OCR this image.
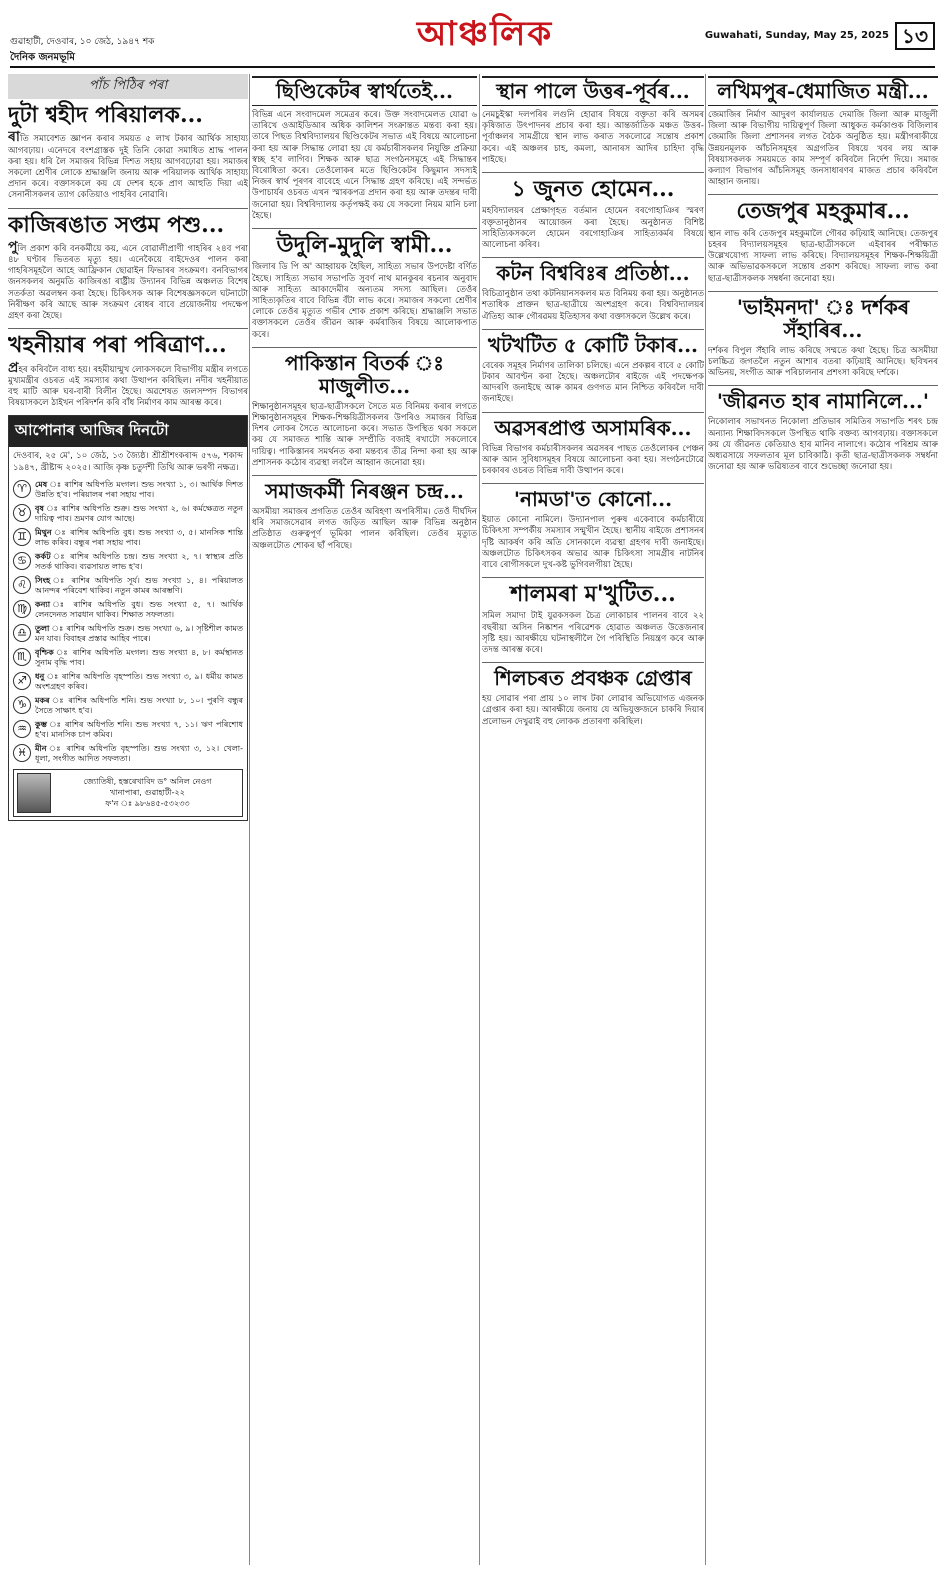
গুৱাহাটী, দেওবাৰ, ১০ জেঠ, ১৯৪৭ শক
দৈনিক জনমভূমি
আঞ্চলিক	Guwahati, Sunday, May 25, 2025 ১৩
পাঁচ পিঠিৰ পৰা
দুটা শ্বহীদ পৰিয়ালক...
ৰাতি সমাবেশত জ্ঞাপন কৰাৰ সময়ত ৫ লাখ টকাৰ আৰ্থিক সাহায্য আগবঢ়ায়। এনেদৰে বংশগ্ৰাস্তক দুই তিনি কোৱা সমাধিত শ্ৰাদ্ধ পালন কৰা হয়। ধৰি লৈ সমাজৰ বিভিন্ন দিশত সহায় আগবঢ়োৱা হয়। সমাজৰ সকলো শ্ৰেণীৰ লোকে শ্ৰদ্ধাঞ্জলি জনায় আৰু পৰিয়ালক আৰ্থিক সাহায্য প্ৰদান কৰে। বক্তাসকলে কয় যে দেশৰ হকে প্ৰাণ আহুতি দিয়া এই সেনানীসকলৰ ত্যাগ কেতিয়াও পাহৰিব নোৱাৰি।
কাজিৰঙাত সপ্তম পশু...
পুলি প্ৰকাশ কৰি বনকৰ্মীয়ে কয়, এনে বোৱালীপ্ৰাণী গাহৰিৰ ২৪ব পৰা ৪৮ ঘণ্টাৰ ভিতৰত মৃত্যু হয়। এনেকৈয়ে বাইদেওৰ পালন কৰা গাহৰিসমূহলৈ আহে আফ্ৰিকান ছোৱাইন ফিভাৰৰ সংক্ৰমণ। বনবিভাগৰ জনসকলৰ অনুমতি কাজিৰঙা ৰাষ্ট্ৰীয় উদ্যানৰ বিভিন্ন অঞ্চলত বিশেষ সতৰ্কতা অৱলম্বন কৰা হৈছে। চিকিৎসক আৰু বিশেষজ্ঞসকলে ঘটনাটো নিৰীক্ষণ কৰি আছে আৰু সংক্ৰমণ ৰোধৰ বাবে প্ৰয়োজনীয় পদক্ষেপ গ্ৰহণ কৰা হৈছে।
খহনীয়াৰ পৰা পৰিত্ৰাণ...
প্ৰহৰ কৰিবলৈ বাধ্য হয়। ৰহমীয়ান্মুখ লোকসকলে বিভাগীয় মন্ত্ৰীৰ লগতে মুখ্যমন্ত্ৰীৰ ওচৰত এই সমস্যাৰ কথা উত্থাপন কৰিছিল। নদীৰ খহনীয়াত বহু মাটি আৰু ঘৰ-বাৰী বিলীন হৈছে। অৱশেষত জলসম্পদ বিভাগৰ বিষয়াসকলে ঠাইখন পৰিদৰ্শন কৰি বাঁধ নিৰ্মাণৰ কাম আৰম্ভ কৰে।
আপোনাৰ আজিৰ দিনটো
দেওবাৰ, ২৫ মে', ১০ জেঠ, ১৩ জ্যৈষ্ঠ। শ্ৰীশ্ৰীশংকৰাব্দ ৫৭৬, শকাব্দ ১৯৪৭, খ্ৰীষ্টাব্দ ২০২৫। আজি কৃষ্ণ চতুৰ্দশী তিথি আৰু ভৰণী নক্ষত্ৰ।
♈	মেষ ঃ ৰাশিৰ অধিপতি মংগল। শুভ সংখ্যা ১, ৩। আৰ্থিক দিশত উন্নতি হ'ব। পৰিয়ালৰ পৰা সহায় পাব।
♉	বৃষ ঃ ৰাশিৰ অধিপতি শুক্ৰ। শুভ সংখ্যা ২, ৬। কৰ্মক্ষেত্ৰত নতুন দায়িত্ব পাব। ভ্ৰমণৰ যোগ আছে।
♊	মিথুন ঃ ৰাশিৰ অধিপতি বুধ। শুভ সংখ্যা ৩, ৫। মানসিক শান্তি লাভ কৰিব। বন্ধুৰ পৰা সহায় পাব।
♋	কৰ্কট ঃ ৰাশিৰ অধিপতি চন্দ্ৰ। শুভ সংখ্যা ২, ৭। স্বাস্থ্যৰ প্ৰতি সতৰ্ক থাকিব। ব্যৱসায়ত লাভ হ'ব।
♌	সিংহ ঃ ৰাশিৰ অধিপতি সূৰ্য। শুভ সংখ্যা ১, ৪। পৰিয়ালত আনন্দৰ পৰিবেশ থাকিব। নতুন কামৰ আৰম্ভণি।
♍	কন্যা ঃ ৰাশিৰ অধিপতি বুধ। শুভ সংখ্যা ৫, ৭। আৰ্থিক লেনদেনত সাৱধান থাকিব। শিক্ষাত সফলতা।
♎	তুলা ঃ ৰাশিৰ অধিপতি শুক্ৰ। শুভ সংখ্যা ৬, ৯। সৃষ্টিশীল কামত মন যাব। বিবাহৰ প্ৰস্তাৱ আহিব পাৰে।
♏	বৃশ্চিক ঃ ৰাশিৰ অধিপতি মংগল। শুভ সংখ্যা ৪, ৮। কৰ্মস্থানত সুনাম বৃদ্ধি পাব।
♐	ধনু ঃ ৰাশিৰ অধিপতি বৃহস্পতি। শুভ সংখ্যা ৩, ৯। ধৰ্মীয় কামত অংশগ্ৰহণ কৰিব।
♑	মকৰ ঃ ৰাশিৰ অধিপতি শনি। শুভ সংখ্যা ৮, ১০। পুৰণি বন্ধুৰ সৈতে সাক্ষাৎ হ'ব।
♒	কুম্ভ ঃ ৰাশিৰ অধিপতি শনি। শুভ সংখ্যা ৭, ১১। ঋণ পৰিশোধ হ'ব। মানসিক চাপ কমিব।
♓	মীন ঃ ৰাশিৰ অধিপতি বৃহস্পতি। শুভ সংখ্যা ৩, ১২। খেলা-ধূলা, সংগীত আদিত সফলতা।
জ্যোতিষী, হস্তৰেখাবিদ ড° অনিল নেওগ
খানাপাৰা, গুৱাহাটী-২২
ফ'ন ঃ ৯৮৬৪৫-৫৩২৩৩
ছিণ্ডিকেটৰ স্বাৰ্থতেই...
বিভিন্ন এনে সংবাদমেল সমেত্ৰৰ কৰে। উক্ত সংবাদমেলত যোৱা ৬ তাৰিখে ওআইডিআৰ অধিক কালিশন সংক্ৰান্তত মন্তব্য কৰা হয়। তাৰে পিছত বিশ্ববিদ্যালয়ৰ ছিণ্ডিকেটৰ সভাত এই বিষয়ে আলোচনা কৰা হয় আৰু সিদ্ধান্ত লোৱা হয় যে কৰ্মচাৰীসকলৰ নিযুক্তি প্ৰক্ৰিয়া স্বচ্ছ হ'ব লাগিব। শিক্ষক আৰু ছাত্ৰ সংগঠনসমূহে এই সিদ্ধান্তৰ বিৰোধিতা কৰে। তেওঁলোকৰ মতে ছিণ্ডিকেটৰ কিছুমান সদস্যই নিজৰ স্বাৰ্থ পূৰণৰ বাবেহে এনে সিদ্ধান্ত গ্ৰহণ কৰিছে। এই সন্দৰ্ভত উপাচাৰ্যৰ ওচৰত এখন স্মাৰকপত্ৰ প্ৰদান কৰা হয় আৰু তদন্তৰ দাবী জনোৱা হয়। বিশ্ববিদ্যালয় কৰ্তৃপক্ষই কয় যে সকলো নিয়ম মানি চলা হৈছে।
উদুলি-মুদুলি স্বামী...
জিলাৰ ডি পি অ' আহ্বায়ক হৈছিল, সাহিত্য সভাৰ উপদেষ্টা বৰ্ণিত হৈছে। সাহিত্য সভাৰ সভাপতি সুবৰ্ণ নাথ মানকুৰৰ ৰচনাৰ অনুবাদ আৰু সাহিত্য আকাদেমীৰ অন্যতম সদস্য আছিল। তেওঁৰ সাহিত্যকৃতিৰ বাবে বিভিন্ন বঁটা লাভ কৰে। সমাজৰ সকলো শ্ৰেণীৰ লোকে তেওঁৰ মৃত্যুত গভীৰ শোক প্ৰকাশ কৰিছে। শ্ৰদ্ধাঞ্জলি সভাত বক্তাসকলে তেওঁৰ জীৱন আৰু কৰ্মৰাজিৰ বিষয়ে আলোকপাত কৰে।
পাকিস্তান বিতৰ্ক ঃ মাজুলীত...
শিক্ষানুষ্ঠানসমূহৰ ছাত্ৰ-ছাত্ৰীসকলে সৈতে মত বিনিময় কৰাৰ লগতে শিক্ষানুষ্ঠানসমূহৰ শিক্ষক-শিক্ষয়িত্ৰীসকলৰ উপৰিও সমাজৰ বিভিন্ন দিশৰ লোকৰ সৈতে আলোচনা কৰে। সভাত উপস্থিত থকা সকলে কয় যে সমাজত শান্তি আৰু সম্প্ৰীতি বজাই ৰখাটো সকলোৰে দায়িত্ব। পাকিস্তানৰ সমৰ্থনত কৰা মন্তব্যৰ তীব্ৰ নিন্দা কৰা হয় আৰু প্ৰশাসনক কঠোৰ ব্যৱস্থা লবলৈ আহ্বান জনোৱা হয়।
সমাজকৰ্মী নিৰঞ্জন চন্দ্ৰ...
অসমীয়া সমাজৰ প্ৰগতিত তেওঁৰ অৰিহণা অপৰিসীম। তেওঁ দীৰ্ঘদিন ধৰি সমাজসেৱাৰ লগত জড়িত আছিল আৰু বিভিন্ন অনুষ্ঠান প্ৰতিষ্ঠাত গুৰুত্বপূৰ্ণ ভূমিকা পালন কৰিছিল। তেওঁৰ মৃত্যুত অঞ্চলটোত শোকৰ ছাঁ পৰিছে।
স্থান পালে উত্তৰ-পূৰ্বৰ...
নেমচুইস্কা দলপৰিৰ লগুনি হোৱাৰ বিষয়ে বক্তৃতা কৰি অসমৰ কৃষিজাত উৎপাদনৰ প্ৰচাৰ কৰা হয়। আন্তৰ্জাতিক মঞ্চত উত্তৰ-পূৰ্বাঞ্চলৰ সামগ্ৰীয়ে স্থান লাভ কৰাত সকলোৱে সন্তোষ প্ৰকাশ কৰে। এই অঞ্চলৰ চাহ, কমলা, আনাৰস আদিৰ চাহিদা বৃদ্ধি পাইছে।
১ জুনত হোমেন...
মহবিদ্যালয়ৰ প্ৰেক্ষাগৃহত বৰ্তমান হোমেন বৰগোহাঞিৰ স্মৰণ বক্তৃতানুষ্ঠানৰ আয়োজন কৰা হৈছে। অনুষ্ঠানত বিশিষ্ট সাহিত্যিকসকলে হোমেন বৰগোহাঞিৰ সাহিত্যকৰ্মৰ বিষয়ে আলোচনা কৰিব।
কটন বিশ্ববিঃৰ প্ৰতিষ্ঠা...
বিচিত্ৰানুষ্ঠান তথা কটনিয়ানসকলৰ মত বিনিময় কৰা হয়। অনুষ্ঠানত শতাধিক প্ৰাক্তন ছাত্ৰ-ছাত্ৰীয়ে অংশগ্ৰহণ কৰে। বিশ্ববিদ্যালয়ৰ ঐতিহ্য আৰু গৌৰৱময় ইতিহাসৰ কথা বক্তাসকলে উল্লেখ কৰে।
খটখটিত ৫ কোটি টকাৰ...
বেৰেক সমূহৰ নিৰ্মাণৰ তালিকা চলিছে। এনে প্ৰকল্পৰ বাবে ৫ কোটি টকাৰ আবণ্টন কৰা হৈছে। অঞ্চলটোৰ ৰাইজে এই পদক্ষেপক আদৰণি জনাইছে আৰু কামৰ গুণগত মান নিশ্চিত কৰিবলৈ দাবী জনাইছে।
অৱসৰপ্ৰাপ্ত অসামৰিক...
বিভিন্ন বিভাগৰ কৰ্মচাৰীসকলৰ অৱসৰৰ পাছত তেওঁলোকৰ পেঞ্চন আৰু আন সুবিধাসমূহৰ বিষয়ে আলোচনা কৰা হয়। সংগঠনটোৱে চৰকাৰৰ ওচৰত বিভিন্ন দাবী উত্থাপন কৰে।
'নামডা'ত কোনো...
ইয়াত কোনো নামিলে। উদ্যানপাল পুৰুষ একেবাৰে কৰ্মচাৰীয়ে চিকিৎসা সম্পৰ্কীয় সমস্যাৰ সন্মুখীন হৈছে। স্থানীয় ৰাইজে প্ৰশাসনৰ দৃষ্টি আকৰ্ষণ কৰি অতি সোনকালে ব্যৱস্থা গ্ৰহণৰ দাবী জনাইছে। অঞ্চলটোত চিকিৎসকৰ অভাৱ আৰু চিকিৎসা সামগ্ৰীৰ নাটনিৰ বাবে ৰোগীসকলে দুখ-কষ্ট ভুগিবলগীয়া হৈছে।
শালমৰা ম'খুটিত...
সমিল সমাদা টাই যুৱকসকল চৈত্ৰ লোকাচাৰ পালনৰ বাবে ২২ বছৰীয়া অসিন নিষ্কাশন পৰিৱেশক হোৱাত অঞ্চলত উত্তেজনাৰ সৃষ্টি হয়। আৰক্ষীয়ে ঘটনাস্থলীলৈ গৈ পৰিস্থিতি নিয়ন্ত্ৰণ কৰে আৰু তদন্ত আৰম্ভ কৰে।
শিলচৰত প্ৰবঞ্চক গ্ৰেপ্তাৰ
হয় সোৱাৰ পৰা প্ৰায় ১০ লাখ টকা লোৱাৰ অভিযোগত এজনক গ্ৰেপ্তাৰ কৰা হয়। আৰক্ষীয়ে জনায় যে অভিযুক্তজনে চাকৰি দিয়াৰ প্ৰলোভন দেখুৱাই বহু লোকক প্ৰতাৰণা কৰিছিল।
লখিমপুৰ-ধেমাজিত মন্ত্ৰী...
জেমাজিৰ নিৰ্মাণ আদুৰণ কাৰ্যালয়ত দেমাজি জিলা আৰু মাজুলী জিলা আৰু বিভাগীয় দায়িত্বপূৰ্ণ জিলা আধুকত কৰ্মকাণ্ডক বিজিলাৰ জেমাজি জিলা প্ৰশাসনৰ লগত বৈঠক অনুষ্ঠিত হয়। মন্ত্ৰীগৰাকীয়ে উন্নয়নমূলক আঁচনিসমূহৰ অগ্ৰগতিৰ বিষয়ে খবৰ লয় আৰু বিষয়াসকলক সময়মতে কাম সম্পূৰ্ণ কৰিবলৈ নিৰ্দেশ দিয়ে। সমাজ কল্যাণ বিভাগৰ আঁচনিসমূহ জনসাধাৰণৰ মাজত প্ৰচাৰ কৰিবলৈ আহ্বান জনায়।
তেজপুৰ মহকুমাৰ...
স্থান লাভ কৰি তেজপুৰ মহকুমালৈ গৌৰৱ কঢ়িয়াই আনিছে। তেজপুৰ চহৰৰ বিদ্যালয়সমূহৰ ছাত্ৰ-ছাত্ৰীসকলে এইবাৰৰ পৰীক্ষাত উল্লেখযোগ্য সাফল্য লাভ কৰিছে। বিদ্যালয়সমূহৰ শিক্ষক-শিক্ষয়িত্ৰী আৰু অভিভাৱকসকলে সন্তোষ প্ৰকাশ কৰিছে। সাফল্য লাভ কৰা ছাত্ৰ-ছাত্ৰীসকলক সম্বৰ্ধনা জনোৱা হয়।
'ভাইমনদা' ঃ দৰ্শকৰ সঁহাৰিৰ...
দৰ্শকৰ বিপুল সঁহাৰি লাভ কৰিছে সম্মতে কথা হৈছে। চিত্ৰ অসমীয়া চলচ্চিত্ৰ জগতলৈ নতুন আশাৰ বতৰা কঢ়িয়াই আনিছে। ছবিখনৰ অভিনয়, সংগীত আৰু পৰিচালনাৰ প্ৰশংসা কৰিছে দৰ্শকে।
'জীৱনত হাৰ নামানিলে...'
নিকোলাৰ সভাখনত নিকোলা প্ৰতিভাৰ সমিতিৰ সভাপতি শৰৎ চন্দ্ৰ অন্যান্য শিক্ষাবিদসকলে উপস্থিত থাকি বক্তব্য আগবঢ়ায়। বক্তাসকলে কয় যে জীৱনত কেতিয়াও হাৰ মানিব নালাগে। কঠোৰ পৰিশ্ৰম আৰু অধ্যৱসায়ে সফলতাৰ মূল চাবিকাঠি। কৃতী ছাত্ৰ-ছাত্ৰীসকলক সম্বৰ্ধনা জনোৱা হয় আৰু ভৱিষ্যতৰ বাবে শুভেচ্ছা জনোৱা হয়।
